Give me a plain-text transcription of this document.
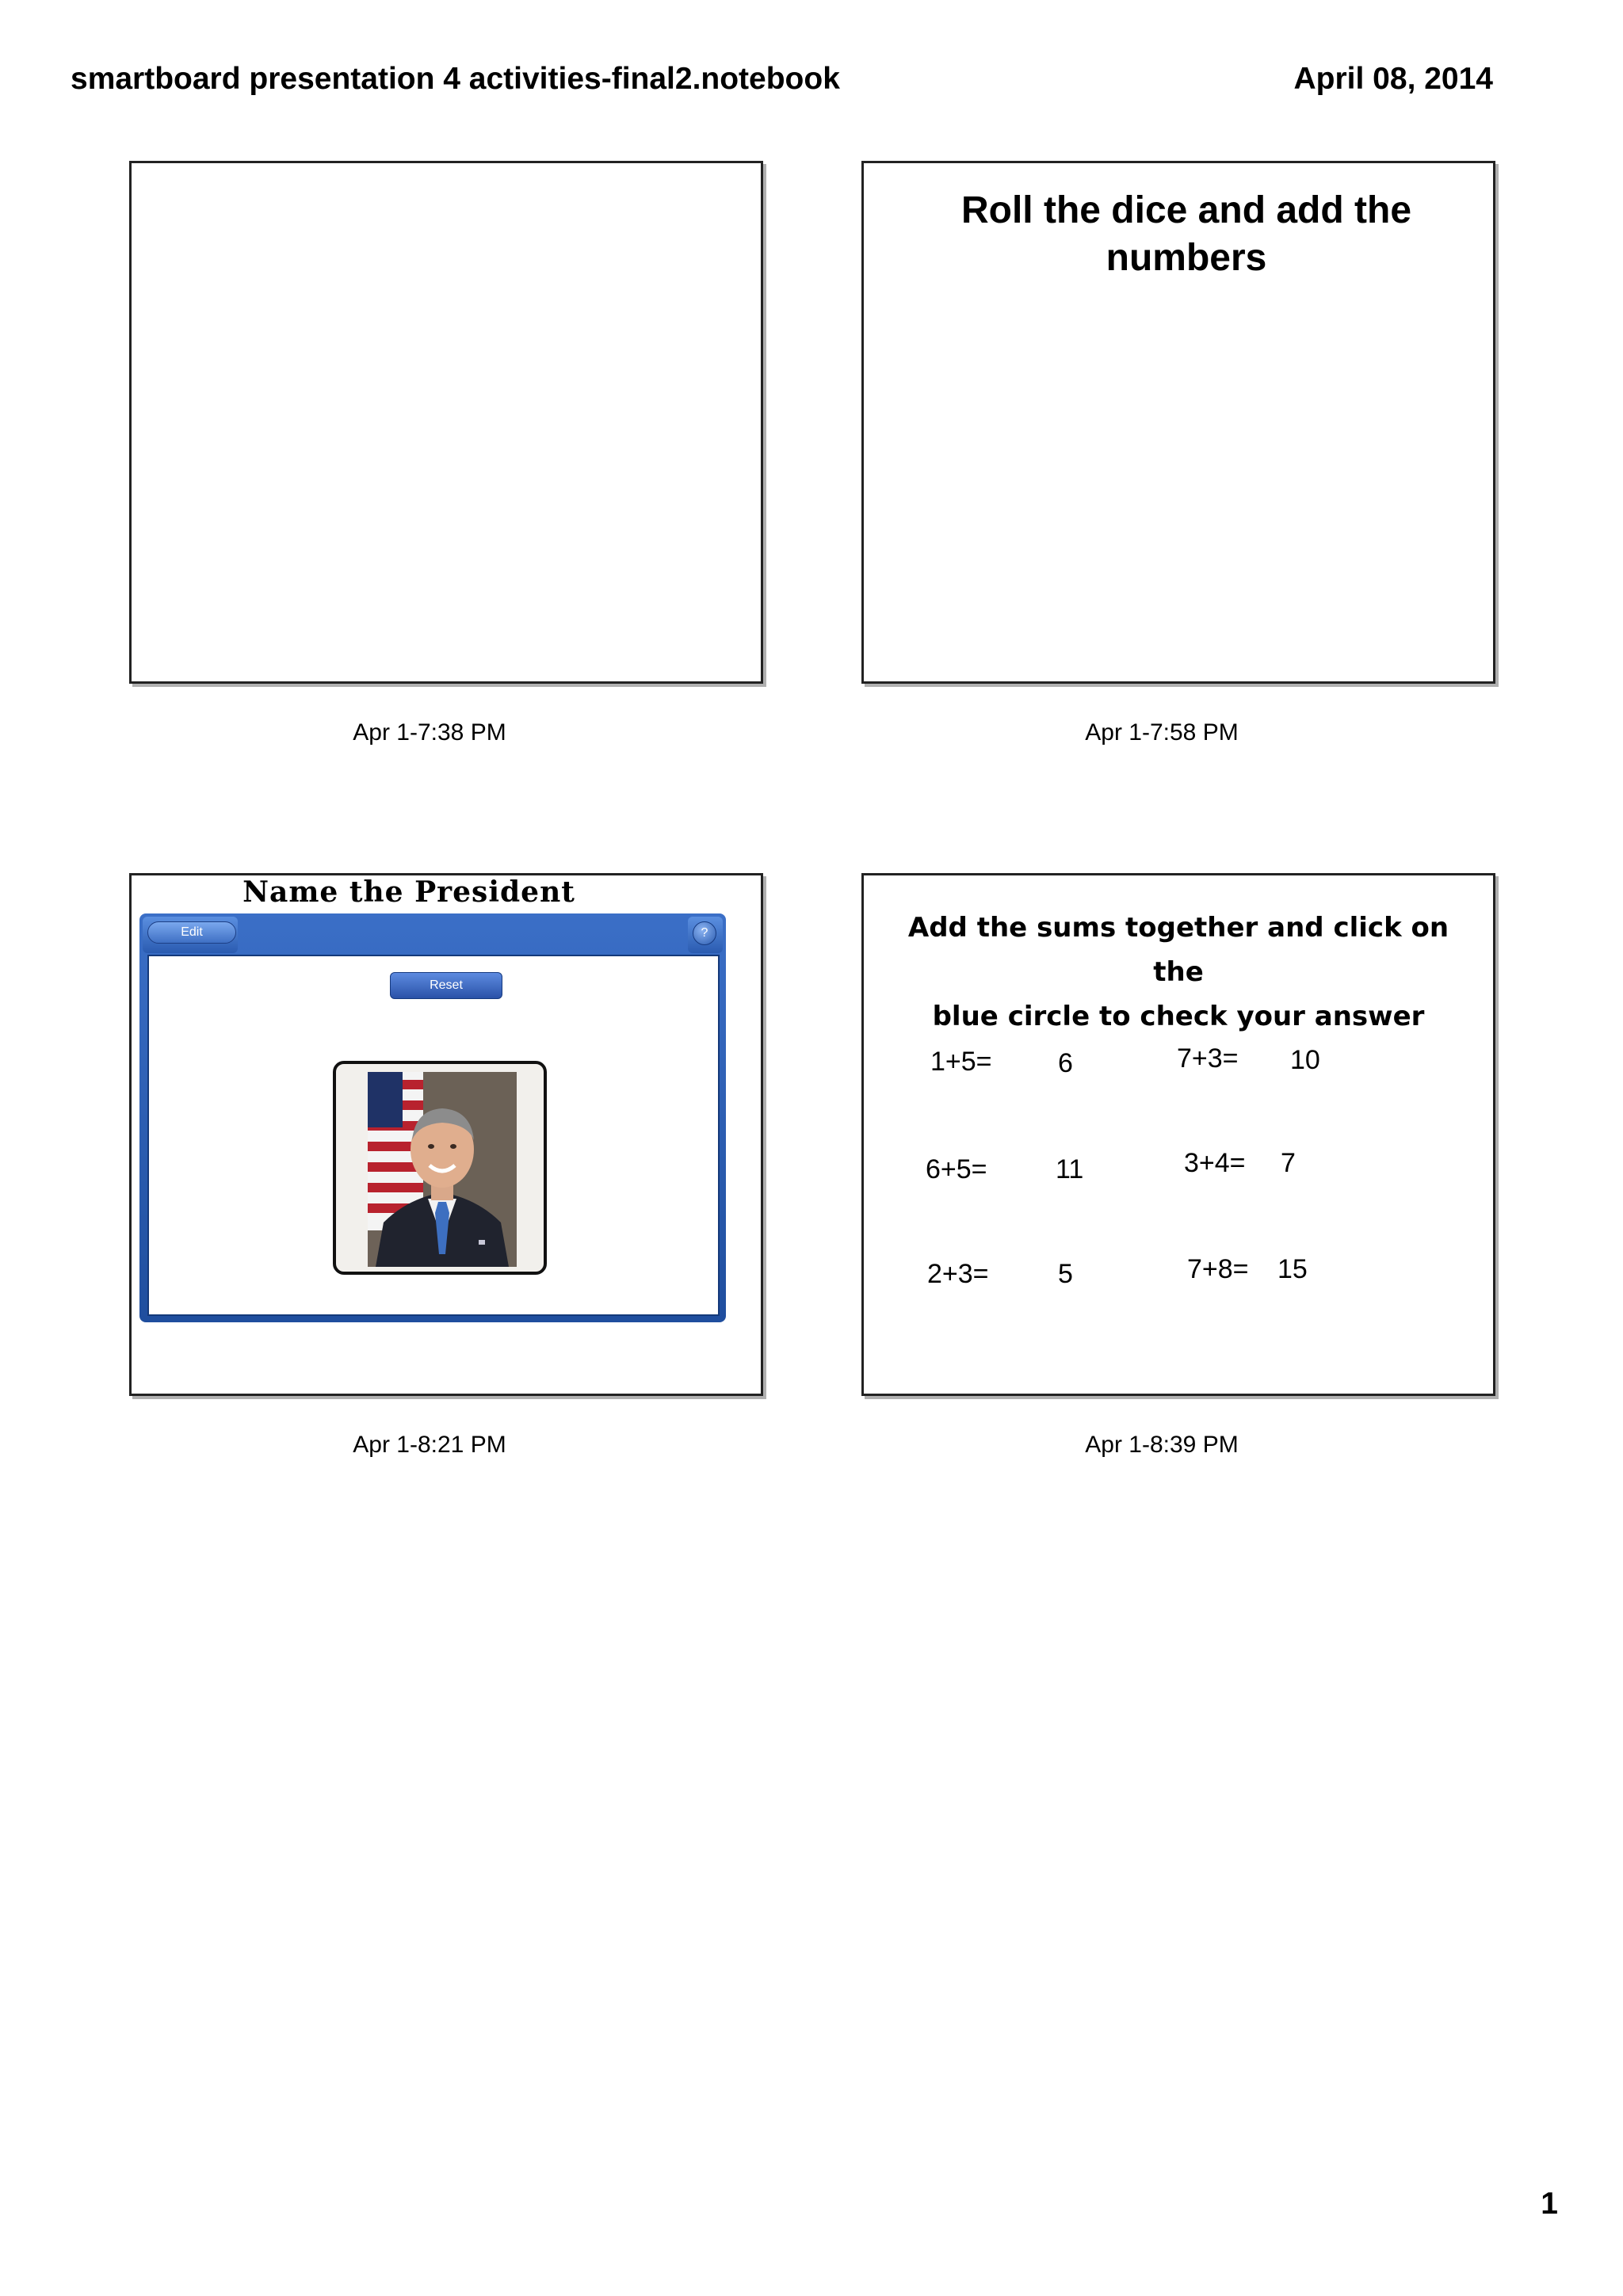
smartboard presentation 4 activities-final2.notebook	April 08, 2014
Apr 1-7:38 PM
Roll the dice and add the
numbers
Apr 1-7:58 PM
Name the President
Edit	?
Reset
Apr 1-8:21 PM
Add the sums together and click on the
blue circle to check your answer
1+5= 6	7+3= 10
6+5=	11	3+4= 7
2+3=	5	7+8= 15
Apr 1-8:39 PM
1
